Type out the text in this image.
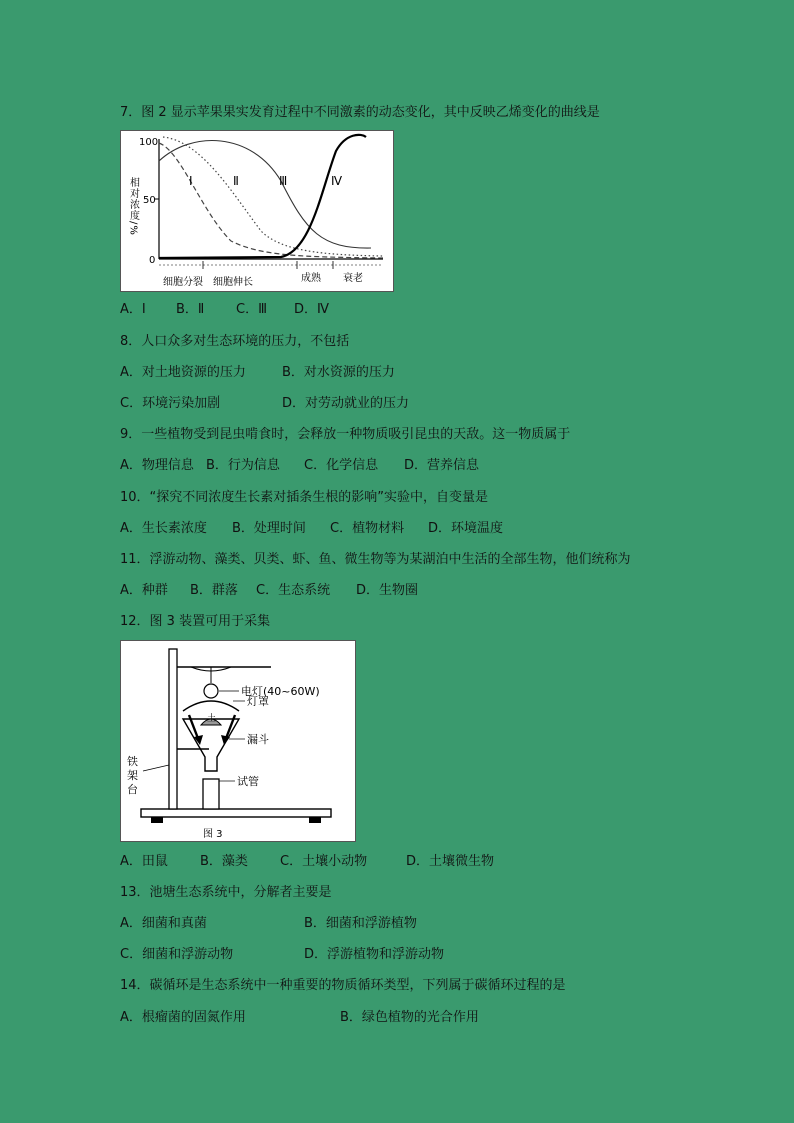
7．图 2 显示苹果果实发育过程中不同激素的动态变化，其中反映乙烯变化的曲线是
相对浓度/%
100
50
0
Ⅰ	Ⅱ	Ⅲ	Ⅳ
细胞分裂 细胞伸长	成熟 衰老
A．Ⅰ B．Ⅱ C．Ⅲ D．Ⅳ
8．人口众多对生态环境的压力，不包括
A．对土地资源的压力	B．对水资源的压力
C．环境污染加剧	D．对劳动就业的压力
9．一些植物受到昆虫啃食时，会释放一种物质吸引昆虫的天敌。这一物质属于
A．物理信息 B．行为信息 C．化学信息 D．营养信息
10．“探究不同浓度生长素对插条生根的影响”实验中，自变量是
A．生长素浓度 B．处理时间 C．植物材料 D．环境温度
11．浮游动物、藻类、贝类、虾、鱼、微生物等为某湖泊中生活的全部生物，他们统称为
A．种群 B．群落 C．生态系统 D．生物圈
12．图 3 装置可用于采集
电灯(40~60W)
灯罩
土
漏斗
试管
铁
架
台
图 3
A．田鼠 B．藻类 C．土壤小动物	D．土壤微生物
13．池塘生态系统中，分解者主要是
A．细菌和真菌	B．细菌和浮游植物
C．细菌和浮游动物	D．浮游植物和浮游动物
14．碳循环是生态系统中一种重要的物质循环类型，下列属于碳循环过程的是
A．根瘤菌的固氮作用	B．绿色植物的光合作用
